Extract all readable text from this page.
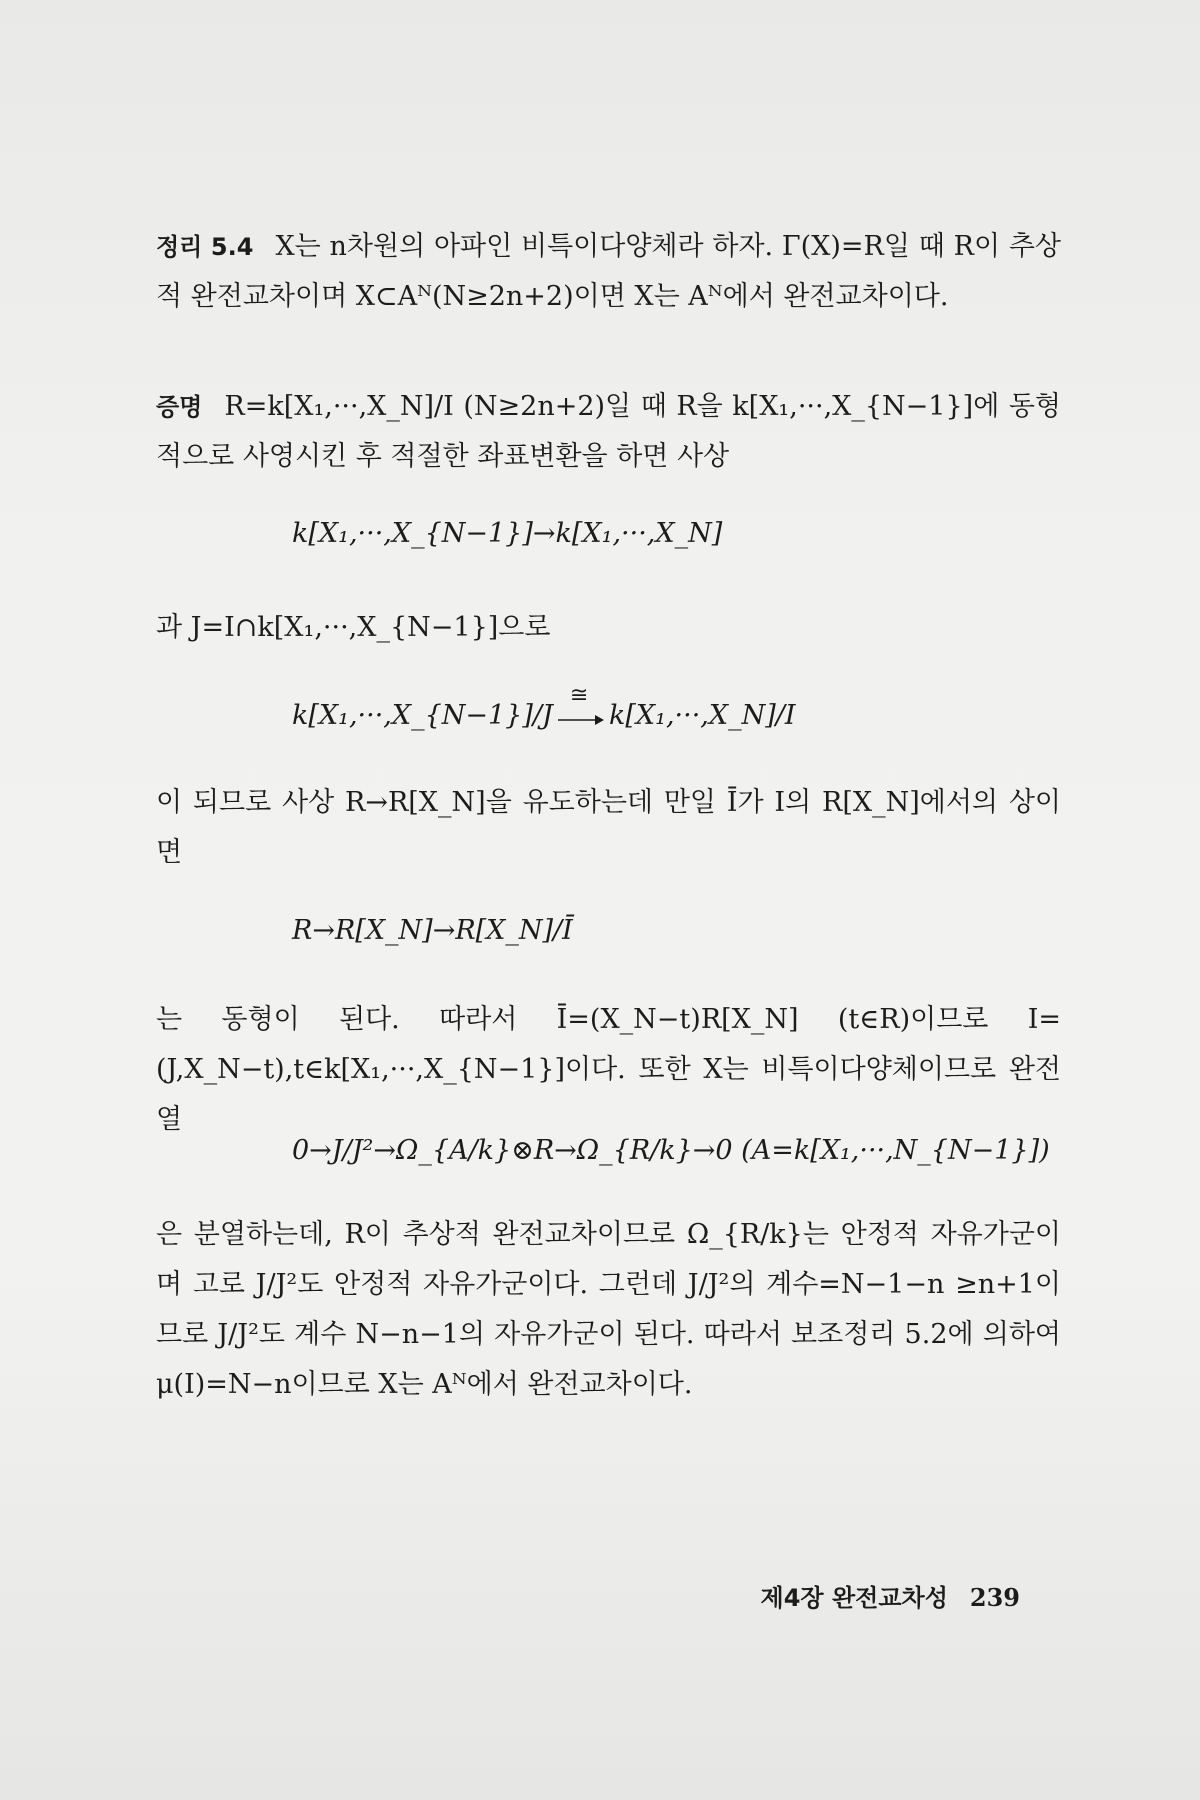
정리 5.4 X는 n차원의 아파인 비특이다양체라 하자. Γ(X)=R일 때 R이 추상적 완전교차이며 X⊂Aᴺ(N≥2n+2)이면 X는 Aᴺ에서 완전교차이다.
증명 R=k[X₁,···,X_N]/I (N≥2n+2)일 때 R을 k[X₁,···,X_{N−1}]에 동형적으로 사영시킨 후 적절한 좌표변환을 하면 사상
k[X₁,···,X_{N−1}]→k[X₁,···,X_N]
과 J=I∩k[X₁,···,X_{N−1}]으로
k[X₁,···,X_{N−1}]/J
≅
k[X₁,···,X_N]/I
이 되므로 사상 R→R[X_N]을 유도하는데 만일 Ī가 I의 R[X_N]에서의 상이면
R→R[X_N]→R[X_N]/Ī
는 동형이 된다. 따라서 Ī=(X_N−t)R[X_N] (t∈R)이므로 I=(J,X_N−t),t∈k[X₁,···,X_{N−1}]이다. 또한 X는 비특이다양체이므로 완전열
0→J/J²→Ω_{A/k}⊗R→Ω_{R/k}→0 (A=k[X₁,···,N_{N−1}])
은 분열하는데, R이 추상적 완전교차이므로 Ω_{R/k}는 안정적 자유가군이며 고로 J/J²도 안정적 자유가군이다. 그런데 J/J²의 계수=N−1−n ≥n+1이므로 J/J²도 계수 N−n−1의 자유가군이 된다. 따라서 보조정리 5.2에 의하여 μ(I)=N−n이므로 X는 Aᴺ에서 완전교차이다.
제4장 완전교차성 239
